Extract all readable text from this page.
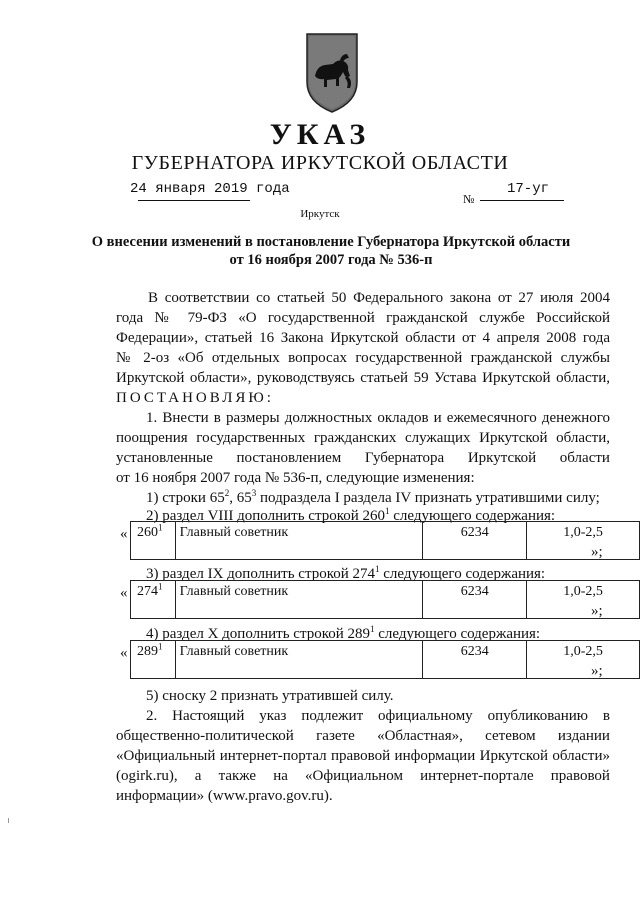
УКАЗ
ГУБЕРНАТОРА ИРКУТСКОЙ ОБЛАСТИ
24 января 2019 года
№
17-уг
Иркутск
О внесении изменений в постановление Губернатора Иркутской области
от 16 ноября 2007 года № 536-п
В соответствии со статьей 50 Федерального закона от 27 июля 2004
года № 79-ФЗ «О государственной гражданской службе Российской
Федерации», статьей 16 Закона Иркутской области от 4 апреля 2008 года
№ 2-оз «Об отдельных вопросах государственной гражданской службы
Иркутской области», руководствуясь статьей 59 Устава Иркутской области,
ПОСТАНОВЛЯЮ:
1. Внести в размеры должностных окладов и ежемесячного денежного
поощрения государственных гражданских служащих Иркутской области,
установленные постановлением Губернатора Иркутской области
от 16 ноября 2007 года № 536-п, следующие изменения:
1) строки $65^2$, $65^3$ подраздела I раздела IV признать утратившими силу;
2) раздел VIII дополнить строкой $260^1$ следующего содержания:
« $260^1$	Главный советник	6234	1,0-2,5
»;
3) раздел IX дополнить строкой $274^1$ следующего содержания:
« $274^1$	Главный советник	6234	1,0-2,5
»;
4) раздел X дополнить строкой $289^1$ следующего содержания:
« $289^1$	Главный советник	6234	1,0-2,5
»;
5) сноску 2 признать утратившей силу.
2. Настоящий указ подлежит официальному опубликованию в
общественно-политической газете «Областная», сетевом издании
«Официальный интернет-портал правовой информации Иркутской области»
(ogirk.ru), а также на «Официальном интернет-портале правовой
информации» (www.pravo.gov.ru).
